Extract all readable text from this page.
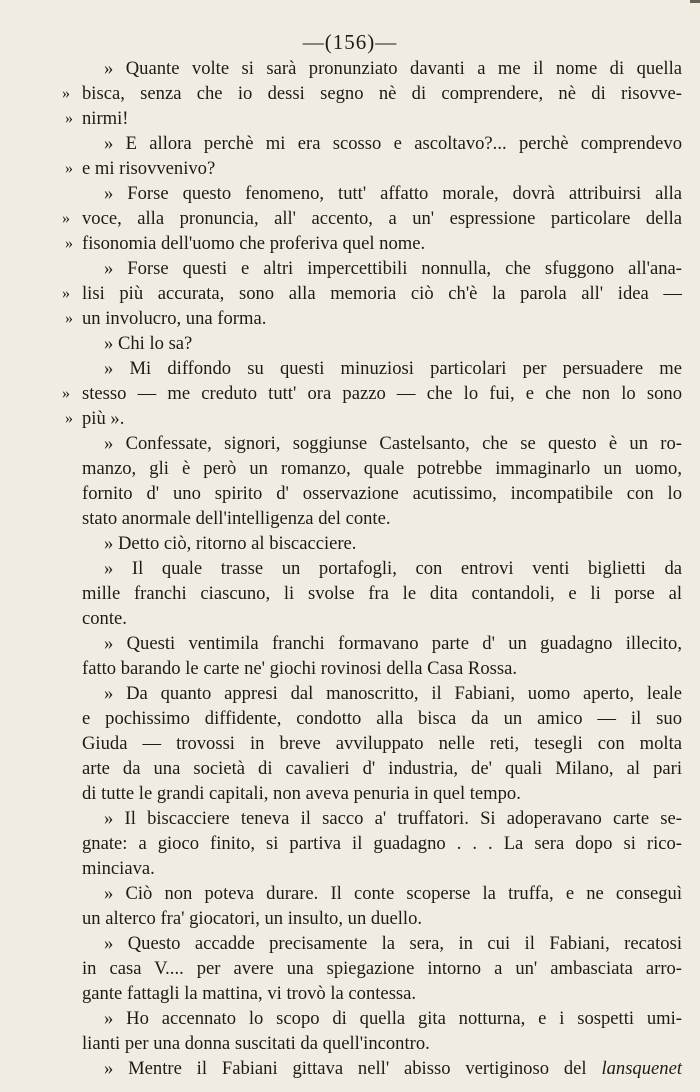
—(156)—
» Quante volte si sarà pronunziato davanti a me il nome di quella
» bisca, senza che io dessi segno nè di comprendere, nè di risovve-
» nirmi!
» E allora perchè mi era scosso e ascoltavo?... perchè comprendevo
» e mi risovvenivo?
» Forse questo fenomeno, tutt' affatto morale, dovrà attribuirsi alla
» voce, alla pronuncia, all' accento, a un' espressione particolare della
» fisonomia dell'uomo che proferiva quel nome.
» Forse questi e altri impercettibili nonnulla, che sfuggono all'ana-
» lisi più accurata, sono alla memoria ciò ch'è la parola all' idea —
» un involucro, una forma.
» Chi lo sa?
» Mi diffondo su questi minuziosi particolari per persuadere me
» stesso — me creduto tutt' ora pazzo — che lo fui, e che non lo sono
» più ».
» Confessate, signori, soggiunse Castelsanto, che se questo è un ro-
manzo, gli è però un romanzo, quale potrebbe immaginarlo un uomo,
fornito d' uno spirito d' osservazione acutissimo, incompatibile con lo
stato anormale dell'intelligenza del conte.
» Detto ciò, ritorno al biscacciere.
» Il quale trasse un portafogli, con entrovi venti biglietti da
mille franchi ciascuno, li svolse fra le dita contandoli, e li porse al
conte.
» Questi ventimila franchi formavano parte d' un guadagno illecito,
fatto barando le carte ne' giochi rovinosi della Casa Rossa.
» Da quanto appresi dal manoscritto, il Fabiani, uomo aperto, leale
e pochissimo diffidente, condotto alla bisca da un amico — il suo
Giuda — trovossi in breve avviluppato nelle reti, tesegli con molta
arte da una società di cavalieri d' industria, de' quali Milano, al pari
di tutte le grandi capitali, non aveva penuria in quel tempo.
» Il biscacciere teneva il sacco a' truffatori. Si adoperavano carte se-
gnate: a gioco finito, si partiva il guadagno . . . La sera dopo si rico-
minciava.
» Ciò non poteva durare. Il conte scoperse la truffa, e ne conseguì
un alterco fra' giocatori, un insulto, un duello.
» Questo accadde precisamente la sera, in cui il Fabiani, recatosi
in casa V.... per avere una spiegazione intorno a un' ambasciata arro-
gante fattagli la mattina, vi trovò la contessa.
» Ho accennato lo scopo di quella gita notturna, e i sospetti umi-
lianti per una donna suscitati da quell'incontro.
» Mentre il Fabiani gittava nell' abisso vertiginoso del lansquenet
